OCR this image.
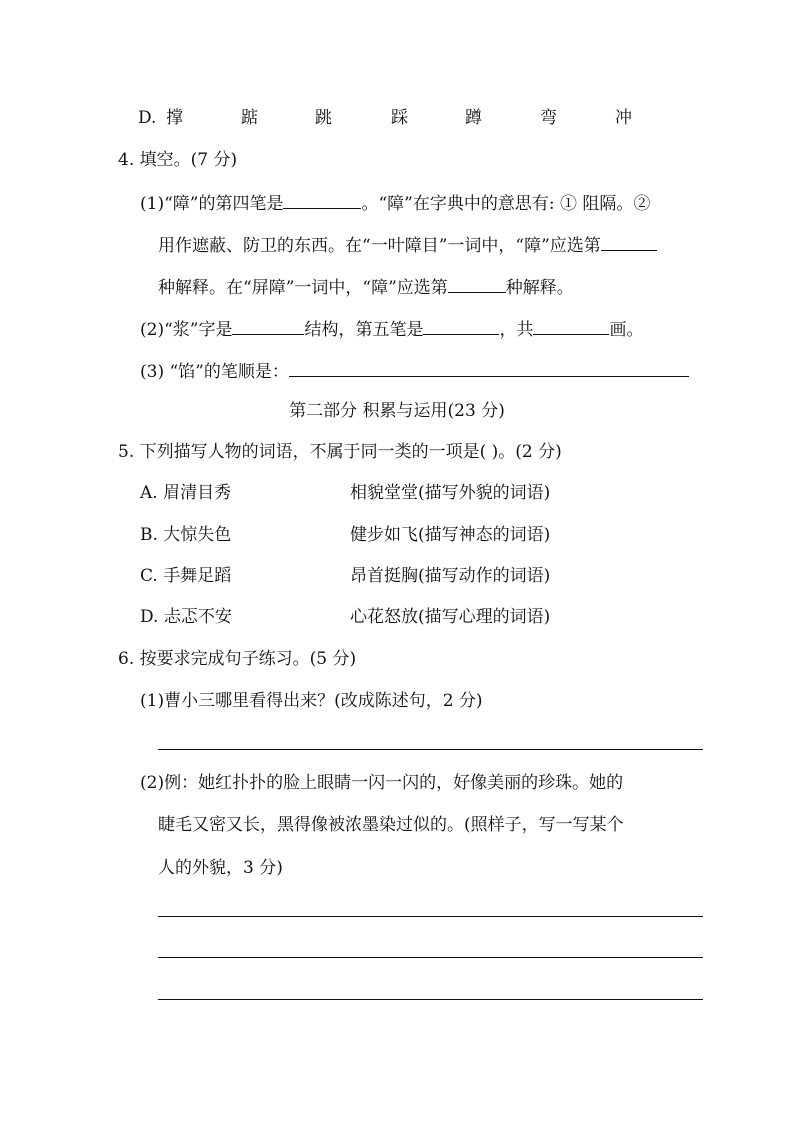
D. 撑	踮	跳	踩	蹲	弯	冲
4. 填空。(7 分)
(1)“障”的第四笔是	。“障”在字典中的意思有: ① 阻隔。②
用作遮蔽、防卫的东西。在“一叶障目”一词中，“障”应选第
种解释。在“屏障”一词中，“障”应选第	种解释。
(2)“浆”字是	结构，第五笔是	，共	画。
(3) “馅”的笔顺是：
第二部分 积累与运用(23 分)
5. 下列描写人物的词语，不属于同一类的一项是( )。(2 分)
A. 眉清目秀	相貌堂堂(描写外貌的词语)
B. 大惊失色	健步如飞(描写神态的词语)
C. 手舞足蹈	昂首挺胸(描写动作的词语)
D. 忐忑不安	心花怒放(描写心理的词语)
6. 按要求完成句子练习。(5 分)
(1)曹小三哪里看得出来？(改成陈述句，2 分)
(2)例：她红扑扑的脸上眼睛一闪一闪的，好像美丽的珍珠。她的
睫毛又密又长，黑得像被浓墨染过似的。(照样子，写一写某个
人的外貌，3 分)
